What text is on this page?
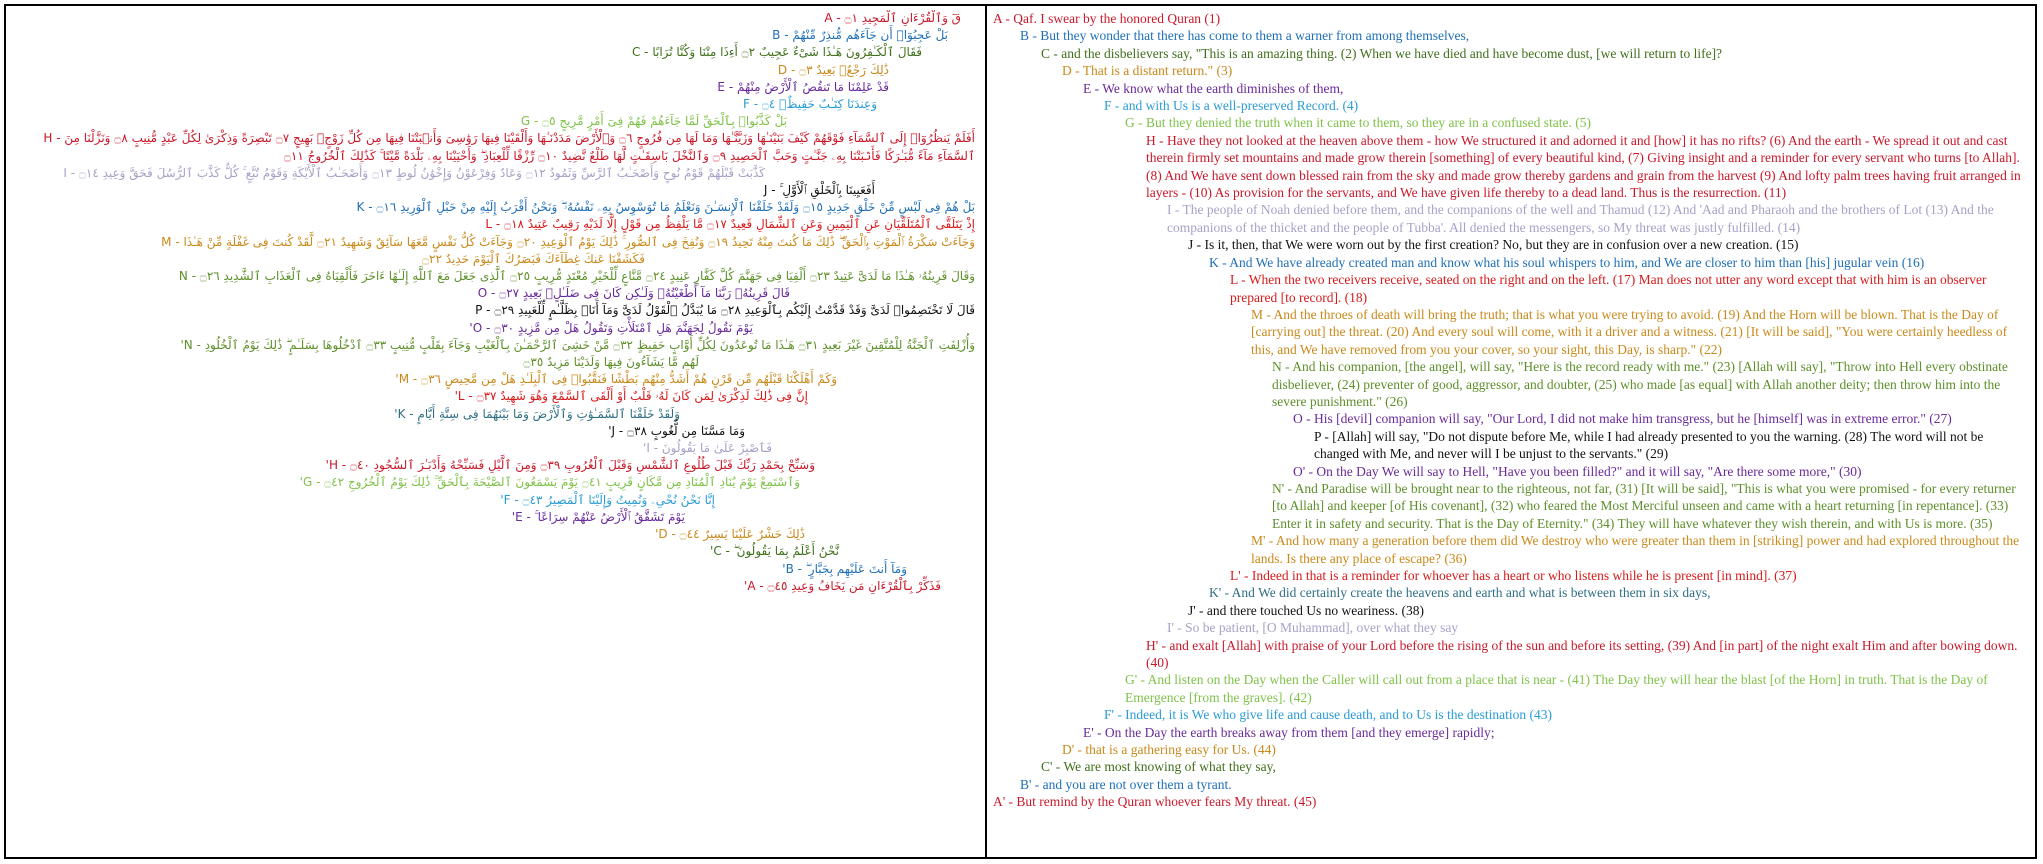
قٓ وَٱلْقُرْءَانِ ٱلْمَجِيدِ ۝١ - A

بَلْ عَجِبُوٓا۟ أَن جَآءَهُم مُّنذِرٌ مِّنْهُمْ - B

فَقَالَ ٱلْكَـٰفِرُونَ هَـٰذَا شَىْءٌ عَجِيبٌ ۝٢ أَءِذَا مِتْنَا وَكُنَّا تُرَابًا - C

ذَٰلِكَ رَجْعٌۢ بَعِيدٌ ۝٣ - D

قَدْ عَلِمْنَا مَا تَنقُصُ ٱلْأَرْضُ مِنْهُمْ - E

وَعِندَنَا كِتَـٰبٌ حَفِيظٌۢ ۝٤ - F

بَلْ كَذَّبُوا۟ بِٱلْحَقِّ لَمَّا جَآءَهُمْ فَهُمْ فِىٓ أَمْرٍ مَّرِيجٍ ۝٥ - G

أَفَلَمْ يَنظُرُوٓا۟ إِلَى ٱلسَّمَآءِ فَوْقَهُمْ كَيْفَ بَنَيْنَـٰهَا وَزَيَّنَّـٰهَا وَمَا لَهَا مِن فُرُوجٍ ۝٦ وَٱلْأَرْضَ مَدَدْنَـٰهَا وَأَلْقَيْنَا فِيهَا رَوَٰسِىَ وَأَنۢبَتْنَا فِيهَا مِن كُلِّ زَوْجٍۭ بَهِيجٍ ۝٧ تَبْصِرَةً وَذِكْرَىٰ لِكُلِّ عَبْدٍ مُّنِيبٍ ۝٨ وَنَزَّلْنَا مِنَ - H

ٱلسَّمَآءِ مَآءً مُّبَـٰرَكًا فَأَنۢبَتْنَا بِهِۦ جَنَّـٰتٍ وَحَبَّ ٱلْحَصِيدِ ۝٩ وَٱلنَّخْلَ بَاسِقَـٰتٍ لَّهَا طَلْعٌ نَّضِيدٌ ۝١٠ رِّزْقًا لِّلْعِبَادِ ۖ وَأَحْيَيْنَا بِهِۦ بَلْدَةً مَّيْتًا ۚ كَذَٰلِكَ ٱلْخُرُوجُ ۝١١

كَذَّبَتْ قَبْلَهُمْ قَوْمُ نُوحٍ وَأَصْحَـٰبُ ٱلرَّسِّ وَثَمُودُ ۝١٢ وَعَادٌ وَفِرْعَوْنُ وَإِخْوَٰنُ لُوطٍ ۝١٣ وَأَصْحَـٰبُ ٱلْأَيْكَةِ وَقَوْمُ تُبَّعٍ ۚ كُلٌّ كَذَّبَ ٱلرُّسُلَ فَحَقَّ وَعِيدِ ۝١٤ - I

أَفَعَيِينَا بِٱلْخَلْقِ ٱلْأَوَّلِ ۚ - J

بَلْ هُمْ فِى لَبْسٍ مِّنْ خَلْقٍ جَدِيدٍ ۝١٥ وَلَقَدْ خَلَقْنَا ٱلْإِنسَـٰنَ وَنَعْلَمُ مَا تُوَسْوِسُ بِهِۦ نَفْسُهُۥ ۖ وَنَحْنُ أَقْرَبُ إِلَيْهِ مِنْ حَبْلِ ٱلْوَرِيدِ ۝١٦ - K

إِذْ يَتَلَقَّى ٱلْمُتَلَقِّيَانِ عَنِ ٱلْيَمِينِ وَعَنِ ٱلشِّمَالِ قَعِيدٌ ۝١٧ مَّا يَلْفِظُ مِن قَوْلٍ إِلَّا لَدَيْهِ رَقِيبٌ عَتِيدٌ ۝١٨ - L

وَجَآءَتْ سَكْرَةُ ٱلْمَوْتِ بِٱلْحَقِّ ۖ ذَٰلِكَ مَا كُنتَ مِنْهُ تَحِيدُ ۝١٩ وَنُفِخَ فِى ٱلصُّورِ ۚ ذَٰلِكَ يَوْمُ ٱلْوَعِيدِ ۝٢٠ وَجَآءَتْ كُلُّ نَفْسٍ مَّعَهَا سَآئِقٌ وَشَهِيدٌ ۝٢١ لَّقَدْ كُنتَ فِى غَفْلَةٍ مِّنْ هَـٰذَا - M

فَكَشَفْنَا عَنكَ غِطَآءَكَ فَبَصَرُكَ ٱلْيَوْمَ حَدِيدٌ ۝٢٢

وَقَالَ قَرِينُهُۥ هَـٰذَا مَا لَدَىَّ عَتِيدٌ ۝٢٣ أَلْقِيَا فِى جَهَنَّمَ كُلَّ كَفَّارٍ عَنِيدٍ ۝٢٤ مَّنَّاعٍ لِّلْخَيْرِ مُعْتَدٍ مُّرِيبٍ ۝٢٥ ٱلَّذِى جَعَلَ مَعَ ٱللَّهِ إِلَـٰهًا ءَاخَرَ فَأَلْقِيَاهُ فِى ٱلْعَذَابِ ٱلشَّدِيدِ ۝٢٦ - N

قَالَ قَرِينُهُۥ رَبَّنَا مَآ أَطْغَيْتُهُۥ وَلَـٰكِن كَانَ فِى ضَلَـٰلٍۭ بَعِيدٍ ۝٢٧ - O

قَالَ لَا تَخْتَصِمُوا۟ لَدَىَّ وَقَدْ قَدَّمْتُ إِلَيْكُم بِٱلْوَعِيدِ ۝٢٨ مَا يُبَدَّلُ ٱلْقَوْلُ لَدَىَّ وَمَآ أَنَا۠ بِظَلَّـٰمٍ لِّلْعَبِيدِ ۝٢٩ - P

يَوْمَ نَقُولُ لِجَهَنَّمَ هَلِ ٱمْتَلَأْتِ وَتَقُولُ هَلْ مِن مَّزِيدٍ ۝٣٠ - O'

وَأُزْلِفَتِ ٱلْجَنَّةُ لِلْمُتَّقِينَ غَيْرَ بَعِيدٍ ۝٣١ هَـٰذَا مَا تُوعَدُونَ لِكُلِّ أَوَّابٍ حَفِيظٍ ۝٣٢ مَّنْ خَشِىَ ٱلرَّحْمَـٰنَ بِٱلْغَيْبِ وَجَآءَ بِقَلْبٍ مُّنِيبٍ ۝٣٣ ٱدْخُلُوهَا بِسَلَـٰمٍ ۖ ذَٰلِكَ يَوْمُ ٱلْخُلُودِ - N'

لَهُم مَّا يَشَآءُونَ فِيهَا وَلَدَيْنَا مَزِيدٌ ۝٣٥

وَكَمْ أَهْلَكْنَا قَبْلَهُم مِّن قَرْنٍ هُمْ أَشَدُّ مِنْهُم بَطْشًا فَنَقَّبُوا۟ فِى ٱلْبِلَـٰدِ هَلْ مِن مَّحِيصٍ ۝٣٦ - M'

إِنَّ فِى ذَٰلِكَ لَذِكْرَىٰ لِمَن كَانَ لَهُۥ قَلْبٌ أَوْ أَلْقَى ٱلسَّمْعَ وَهُوَ شَهِيدٌ ۝٣٧ - L'

وَلَقَدْ خَلَقْنَا ٱلسَّمَـٰوَٰتِ وَٱلْأَرْضَ وَمَا بَيْنَهُمَا فِى سِتَّةِ أَيَّامٍ - K'

وَمَا مَسَّنَا مِن لُّغُوبٍ ۝٣٨ - J'

فَٱصْبِرْ عَلَىٰ مَا يَقُولُونَ - I'

وَسَبِّحْ بِحَمْدِ رَبِّكَ قَبْلَ طُلُوعِ ٱلشَّمْسِ وَقَبْلَ ٱلْغُرُوبِ ۝٣٩ وَمِنَ ٱلَّيْلِ فَسَبِّحْهُ وَأَدْبَـٰرَ ٱلسُّجُودِ ۝٤٠ - H'

وَٱسْتَمِعْ يَوْمَ يُنَادِ ٱلْمُنَادِ مِن مَّكَانٍ قَرِيبٍ ۝٤١ يَوْمَ يَسْمَعُونَ ٱلصَّيْحَةَ بِٱلْحَقِّ ۚ ذَٰلِكَ يَوْمُ ٱلْخُرُوجِ ۝٤٢ - G'

إِنَّا نَحْنُ نُحْىِۦ وَنُمِيتُ وَإِلَيْنَا ٱلْمَصِيرُ ۝٤٣ - F'

يَوْمَ تَشَقَّقُ ٱلْأَرْضُ عَنْهُمْ سِرَاعًا ۚ - E'

ذَٰلِكَ حَشْرٌ عَلَيْنَا يَسِيرٌ ۝٤٤ - D'

نَّحْنُ أَعْلَمُ بِمَا يَقُولُونَ ۖ - C'

وَمَآ أَنتَ عَلَيْهِم بِجَبَّارٍ ۖ - B'

فَذَكِّرْ بِٱلْقُرْءَانِ مَن يَخَافُ وَعِيدِ ۝٤٥ - A'

A - Qaf. I swear by the honored Quran (1)

B - But they wonder that there has come to them a warner from among themselves,

C - and the disbelievers say, "This is an amazing thing. (2) When we have died and have become dust, [we will return to life]?

D - That is a distant return." (3)

E - We know what the earth diminishes of them,

F - and with Us is a well-preserved Record. (4)

G - But they denied the truth when it came to them, so they are in a confused state. (5)

H - Have they not looked at the heaven above them - how We structured it and adorned it and [how] it has no rifts? (6) And the earth - We spread it out and cast therein firmly set mountains and made grow therein [something] of every beautiful kind, (7) Giving insight and a reminder for every servant who turns [to Allah]. (8) And We have sent down blessed rain from the sky and made grow thereby gardens and grain from the harvest (9) And lofty palm trees having fruit arranged in layers - (10) As provision for the servants, and We have given life thereby to a dead land. Thus is the resurrection. (11)

I - The people of Noah denied before them, and the companions of the well and Thamud (12) And 'Aad and Pharaoh and the brothers of Lot (13) And the companions of the thicket and the people of Tubba'. All denied the messengers, so My threat was justly fulfilled. (14)

J - Is it, then, that We were worn out by the first creation? No, but they are in confusion over a new creation. (15)

K - And We have already created man and know what his soul whispers to him, and We are closer to him than [his] jugular vein (16)

L - When the two receivers receive, seated on the right and on the left. (17) Man does not utter any word except that with him is an observer prepared [to record]. (18)

M - And the throes of death will bring the truth; that is what you were trying to avoid. (19) And the Horn will be blown. That is the Day of [carrying out] the threat. (20) And every soul will come, with it a driver and a witness. (21) [It will be said], "You were certainly heedless of this, and We have removed from you your cover, so your sight, this Day, is sharp." (22)

N - And his companion, [the angel], will say, "Here is the record ready with me." (23) [Allah will say], "Throw into Hell every obstinate disbeliever, (24) preventer of good, aggressor, and doubter, (25) who made [as equal] with Allah another deity; then throw him into the severe punishment." (26)

O - His [devil] companion will say, "Our Lord, I did not make him transgress, but he [himself] was in extreme error." (27)

P - [Allah] will say, "Do not dispute before Me, while I had already presented to you the warning. (28) The word will not be changed with Me, and never will I be unjust to the servants." (29)

O' - On the Day We will say to Hell, "Have you been filled?" and it will say, "Are there some more," (30)

N' - And Paradise will be brought near to the righteous, not far, (31) [It will be said], "This is what you were promised - for every returner [to Allah] and keeper [of His covenant], (32) who feared the Most Merciful unseen and came with a heart returning [in repentance]. (33) Enter it in safety and security. That is the Day of Eternity." (34) They will have whatever they wish therein, and with Us is more. (35)

M' - And how many a generation before them did We destroy who were greater than them in [striking] power and had explored throughout the lands. Is there any place of escape? (36)

L' - Indeed in that is a reminder for whoever has a heart or who listens while he is present [in mind]. (37)

K' - And We did certainly create the heavens and earth and what is between them in six days,

J' - and there touched Us no weariness. (38)

I' - So be patient, [O Muhammad], over what they say

H' - and exalt [Allah] with praise of your Lord before the rising of the sun and before its setting, (39) And [in part] of the night exalt Him and after bowing down. (40)

G' - And listen on the Day when the Caller will call out from a place that is near - (41) The Day they will hear the blast [of the Horn] in truth. That is the Day of Emergence [from the graves]. (42)

F' - Indeed, it is We who give life and cause death, and to Us is the destination (43)

E' - On the Day the earth breaks away from them [and they emerge] rapidly;

D' - that is a gathering easy for Us. (44)

C' - We are most knowing of what they say,

B' - and you are not over them a tyrant.

A' - But remind by the Quran whoever fears My threat. (45)
